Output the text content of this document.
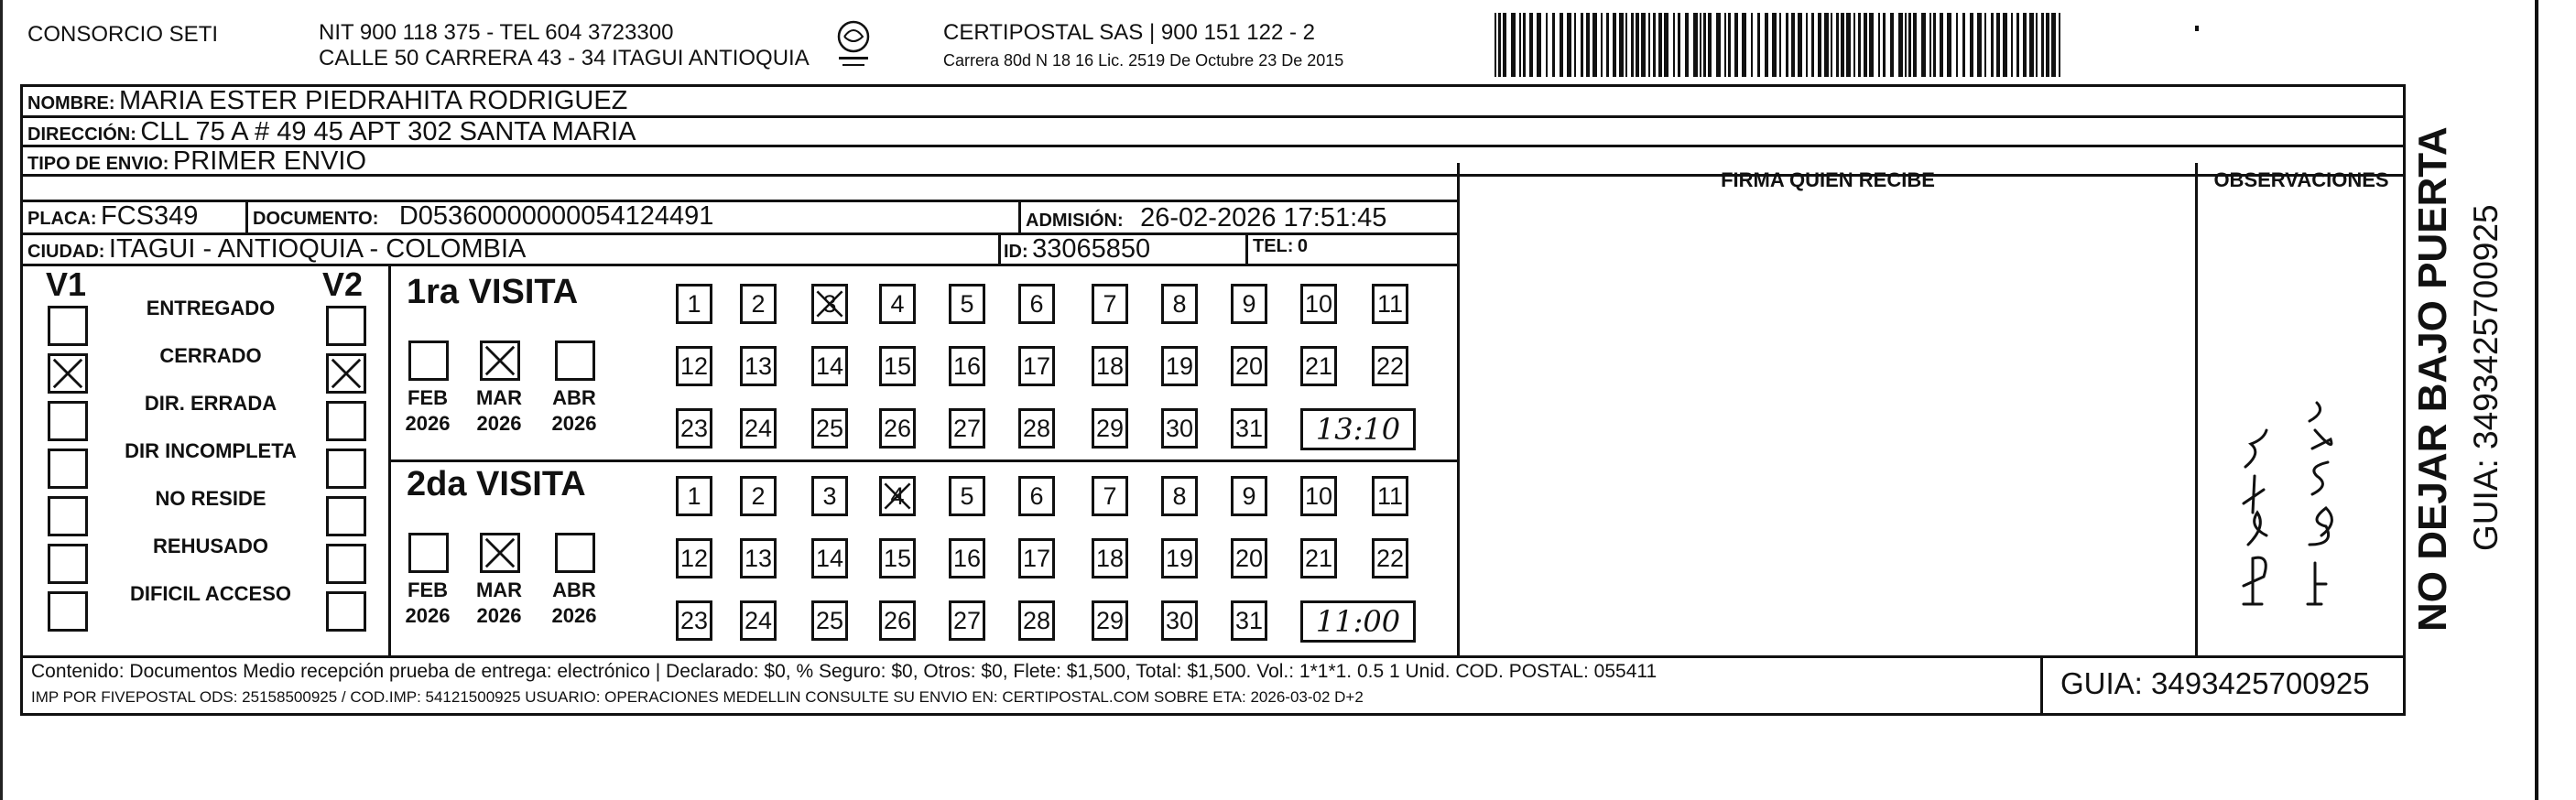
CONSORCIO SETI	NIT 900 118 375 - TEL 604 3723300
CALLE 50 CARRERA 43 - 34 ITAGUI ANTIOQUIA
CERTIPOSTAL SAS | 900 151 122 - 2
Carrera 80d N 18 16 Lic. 2519 De Octubre 23 De 2015
NOMBRE: MARIA ESTER PIEDRAHITA RODRIGUEZ
DIRECCIÓN: CLL 75 A # 49 45 APT 302 SANTA MARIA
TIPO DE ENVIO: PRIMER ENVIO
FIRMA QUIEN RECIBE	OBSERVACIONES
PLACA: FCS349	DOCUMENTO: D05360000000054124491	ADMISIÓN: 26-02-2026 17:51:45
CIUDAD: ITAGUI - ANTIOQUIA - COLOMBIA	ID: 33065850	TEL: 0
V1	V2
ENTREGADO
CERRADO
DIR. ERRADA
DIR INCOMPLETA
NO RESIDE
REHUSADO
DIFICIL ACCESO
1ra VISITA
FEB
2026
MAR
2026
ABR
2026
1	2	3	4	5	6	7	8	9	10 11
12 13 14 15 16 17 18 19 20 21 22
23 24 25 26 27 28 29 30 31	13:10
2da VISITA
FEB
2026
MAR
2026
ABR
2026
1	2	3	4	5	6	7	8	9	10 11
12 13 14 15 16 17 18 19 20 21 22
23 24 25 26 27 28 29 30 31	11:00
Contenido: Documentos Medio recepción prueba de entrega: electrónico | Declarado: $0, % Seguro: $0, Otros: $0, Flete: $1,500, Total: $1,500. Vol.: 1*1*1. 0.5 1 Unid. COD. POSTAL: 055411
IMP POR FIVEPOSTAL ODS: 25158500925 / COD.IMP: 54121500925 USUARIO: OPERACIONES MEDELLIN CONSULTE SU ENVIO EN: CERTIPOSTAL.COM SOBRE ETA: 2026-03-02 D+2	GUIA: 3493425700925
NO DEJAR BAJO PUERTA GUIA: 3493425700925
